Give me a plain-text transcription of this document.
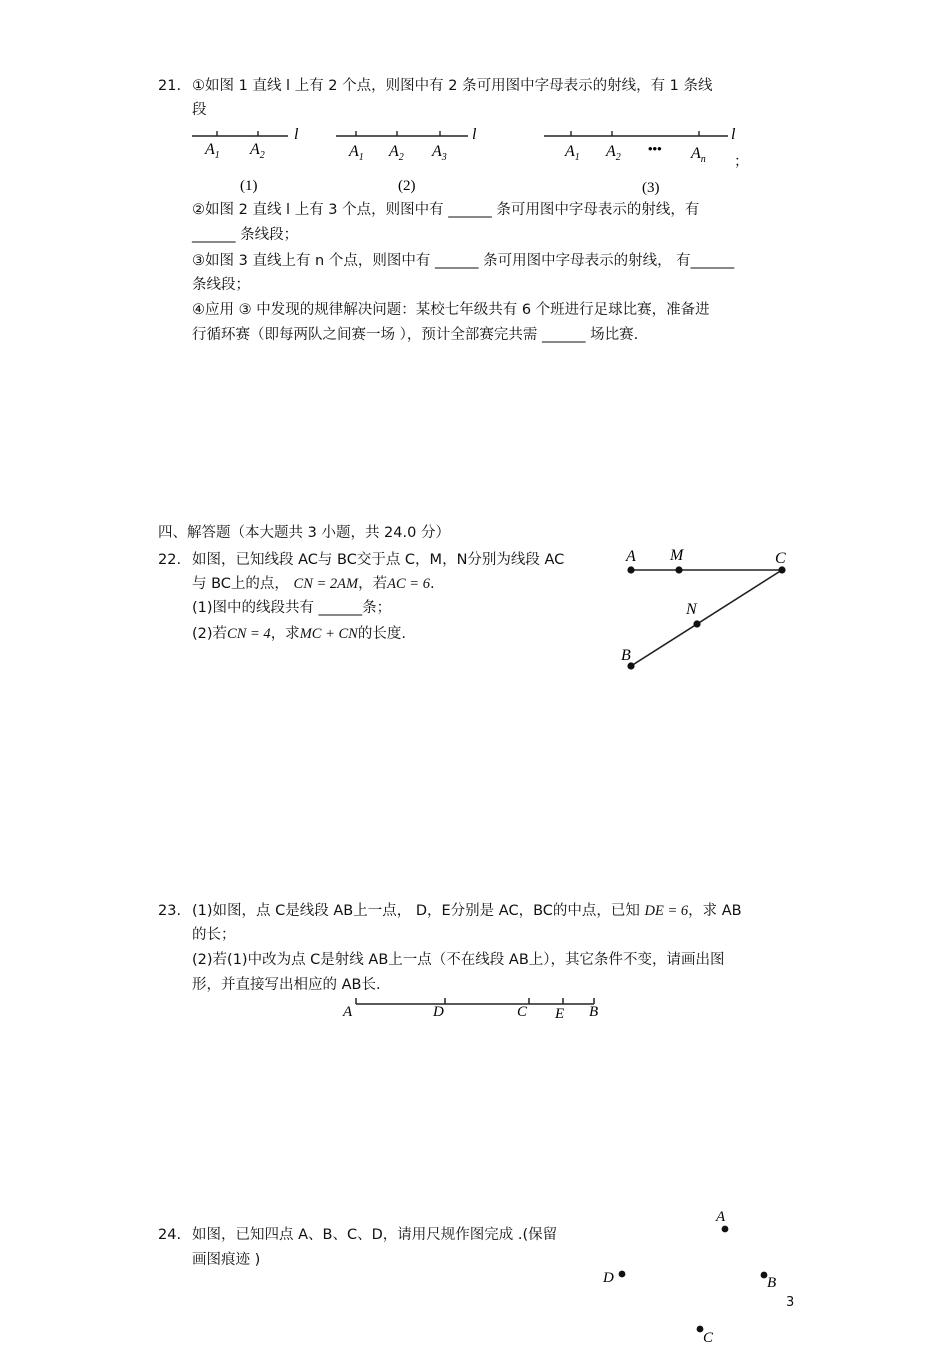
21. ①如图 1 直线 l 上有 2 个点，则图中有 2 条可用图中字母表示的射线，有 1 条线
段
l
$A_1$ $A_2$
(1)
l
$A_1$ $A_2$ $A_3$
(2)
l
$A_1$ $A_2$
••• $A_n$
(3)
；
②如图 2 直线 l 上有 3 个点，则图中有 ______ 条可用图中字母表示的射线，有
______ 条线段；
③如图 3 直线上有 n 个点，则图中有 ______ 条可用图中字母表示的射线， 有______
条线段；
④应用 ③ 中发现的规律解决问题：某校七年级共有 6 个班进行足球比赛，准备进
行循环赛（即每两队之间赛一场 ），预计全部赛完共需 ______ 场比赛.
四、解答题（本大题共 3 小题，共 24.0 分）
22. 如图，已知线段 AC与 BC交于点 C，M，N分别为线段 AC
与 BC上的点， CN = 2AM，若AC = 6.
(1)图中的线段共有 ______条；
(2)若CN = 4，求MC + CN的长度.
A M	C
N
B
23. (1)如图，点 C是线段 AB上一点， D，E分别是 AC，BC的中点，已知 DE = 6，求 AB
的长；
(2)若(1)中改为点 C是射线 AB上一点（不在线段 AB上），其它条件不变，请画出图
形，并直接写出相应的 AB长.
A	D	C E B
24. 如图，已知四点 A、B、C、D，请用尺规作图完成 .(保留
画图痕迹 )
A
D	B
C
3
